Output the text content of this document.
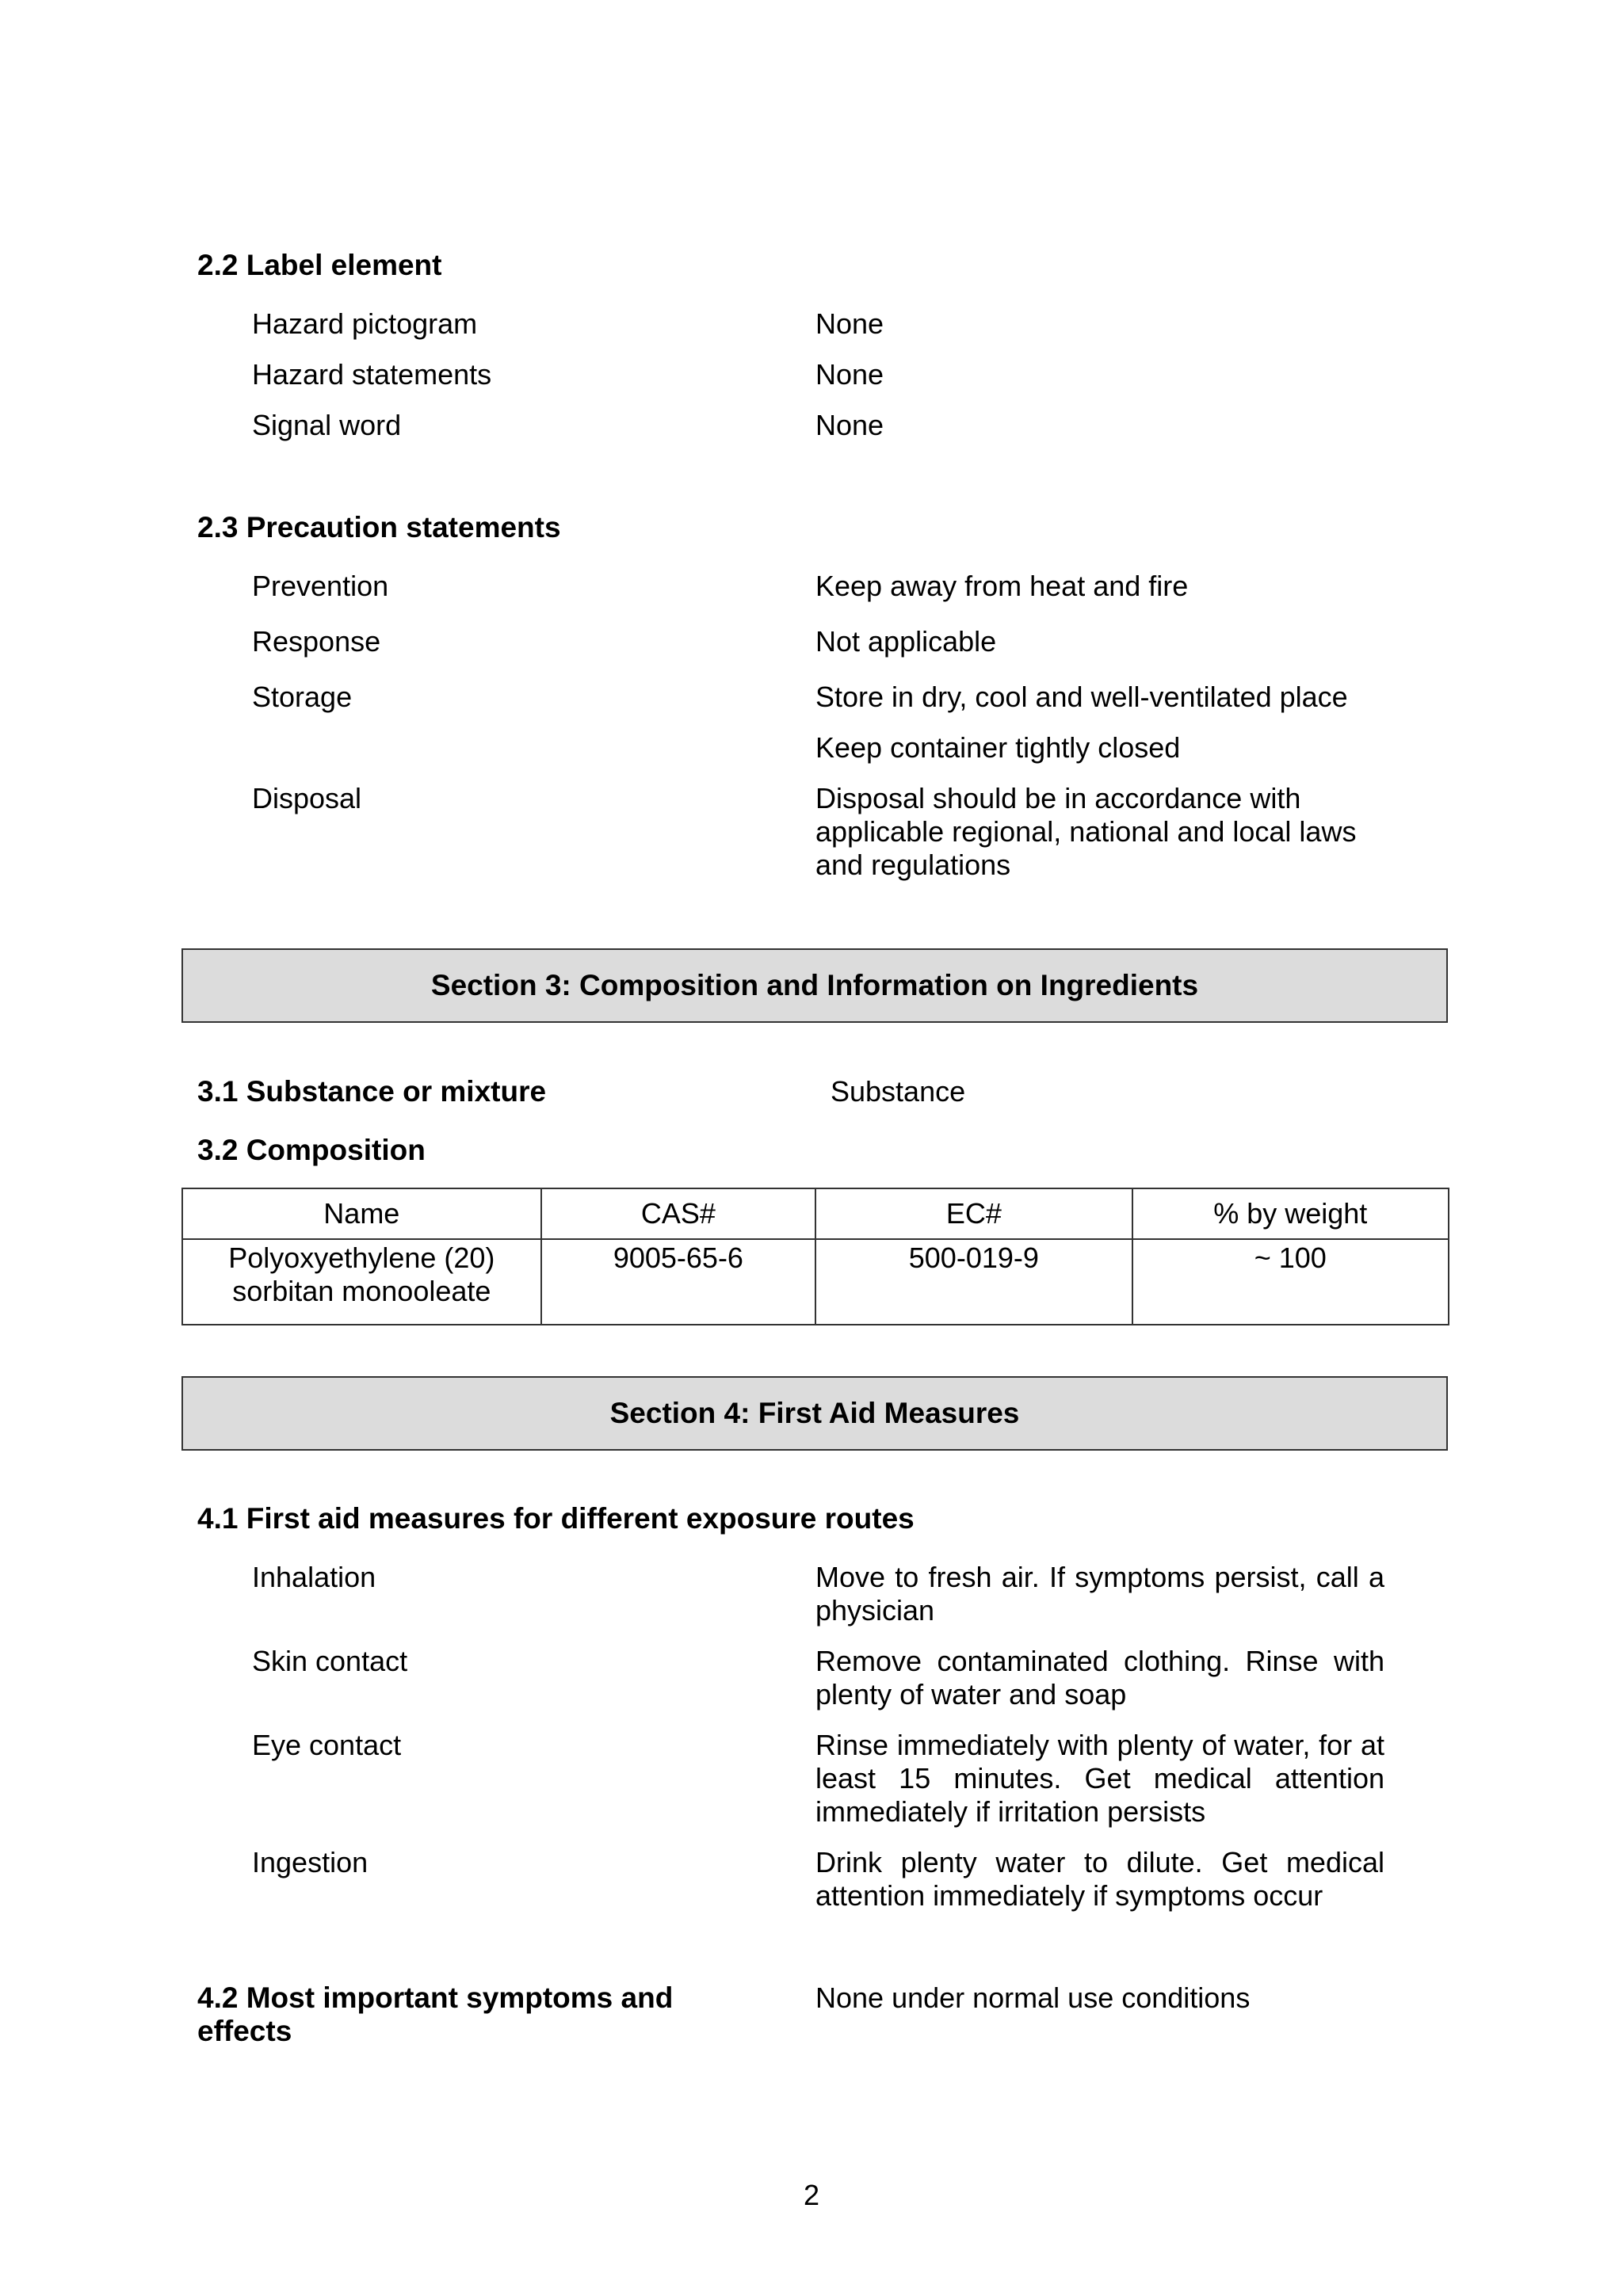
2.2 Label element
Hazard pictogram	None
Hazard statements	None
Signal word	None
2.3 Precaution statements
Prevention	Keep away from heat and fire
Response	Not applicable
Storage	Store in dry, cool and well-ventilated place
Keep container tightly closed
Disposal	Disposal should be in accordance with applicable regional, national and local laws and regulations
Section 3: Composition and Information on Ingredients
3.1 Substance or mixture	Substance
3.2 Composition
Name	CAS#	EC#	% by weight

Polyoxyethylene (20)
sorbitan monooleate	9005-65-6	500-019-9	~ 100
Section 4: First Aid Measures
4.1 First aid measures for different exposure routes
Inhalation	Move to fresh air. If symptoms persist, call a physician
Skin contact	Remove contaminated clothing. Rinse with plenty of water and soap
Eye contact	Rinse immediately with plenty of water, for at least 15 minutes. Get medical attention immediately if irritation persists
Ingestion	Drink plenty water to dilute. Get medical attention immediately if symptoms occur
4.2 Most important symptoms and
effects
None under normal use conditions
2
